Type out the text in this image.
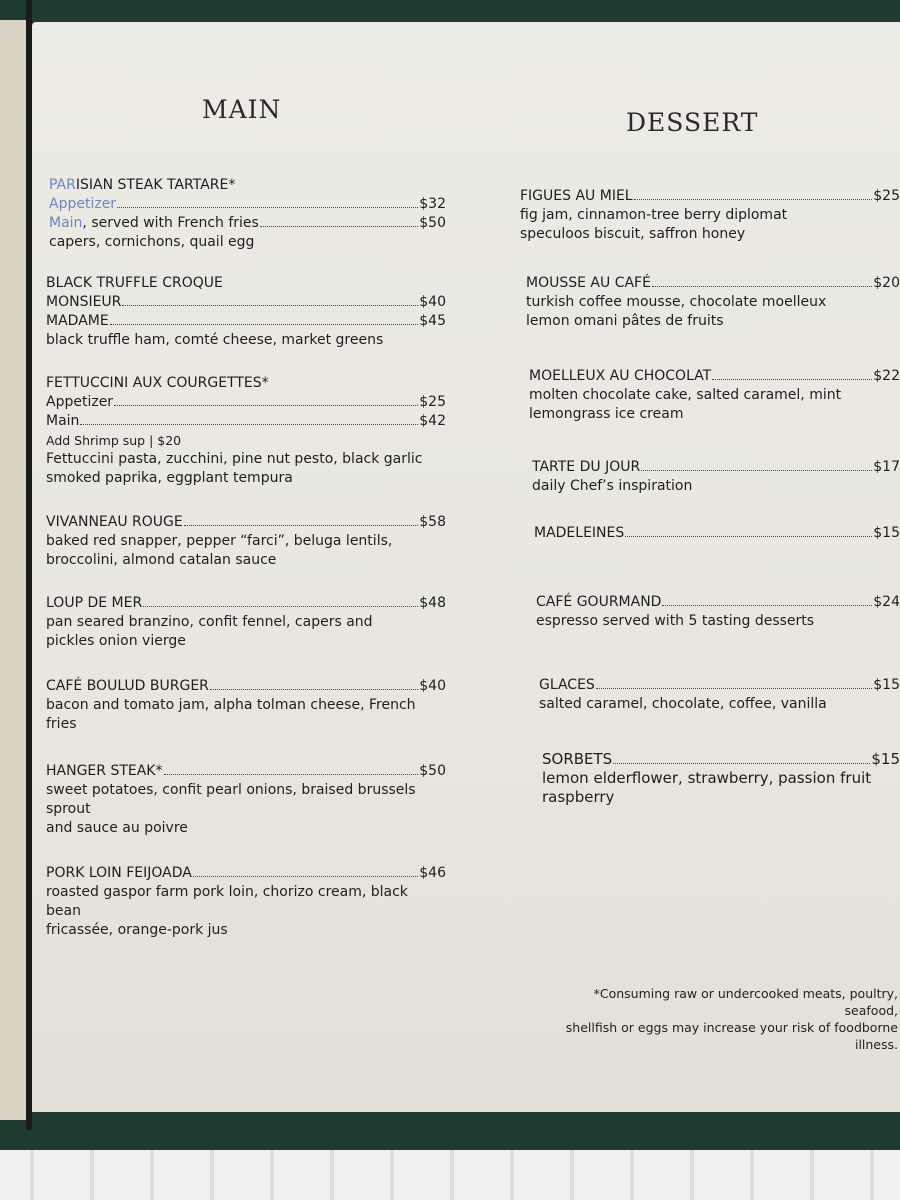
MAIN
PARISIAN STEAK TARTARE*
Appetizer	$32
Main, served with French fries	$50
capers, cornichons, quail egg
BLACK TRUFFLE CROQUE
MONSIEUR	$40
MADAME	$45
black truffle ham, comté cheese, market greens
FETTUCCINI AUX COURGETTES*
Appetizer	$25
Main	$42
Add Shrimp sup | $20
Fettuccini pasta, zucchini, pine nut pesto, black garlic
smoked paprika, eggplant tempura
VIVANNEAU ROUGE	$58
baked red snapper, pepper “farci”, beluga lentils,
broccolini, almond catalan sauce
LOUP DE MER	$48
pan seared branzino, confit fennel, capers and
pickles onion vierge
CAFÉ BOULUD BURGER	$40
bacon and tomato jam, alpha tolman cheese, French
fries
HANGER STEAK*	$50
sweet potatoes, confit pearl onions, braised brussels sprout
and sauce au poivre
PORK LOIN FEIJOADA	$46
roasted gaspor farm pork loin, chorizo cream, black bean
fricassée, orange-pork jus
DESSERT
FIGUES AU MIEL	$25
fig jam, cinnamon-tree berry diplomat
speculoos biscuit, saffron honey
MOUSSE AU CAFÉ	$20
turkish coffee mousse, chocolate moelleux
lemon omani pâtes de fruits
MOELLEUX AU CHOCOLAT	$22
molten chocolate cake, salted caramel, mint
lemongrass ice cream
TARTE DU JOUR	$17
daily Chef’s inspiration
MADELEINES	$15
CAFÉ GOURMAND	$24
espresso served with 5 tasting desserts
GLACES	$15
salted caramel, chocolate, coffee, vanilla
SORBETS	$15
lemon elderflower, strawberry, passion fruit
raspberry
*Consuming raw or undercooked meats, poultry, seafood,
shellfish or eggs may increase your risk of foodborne illness.
